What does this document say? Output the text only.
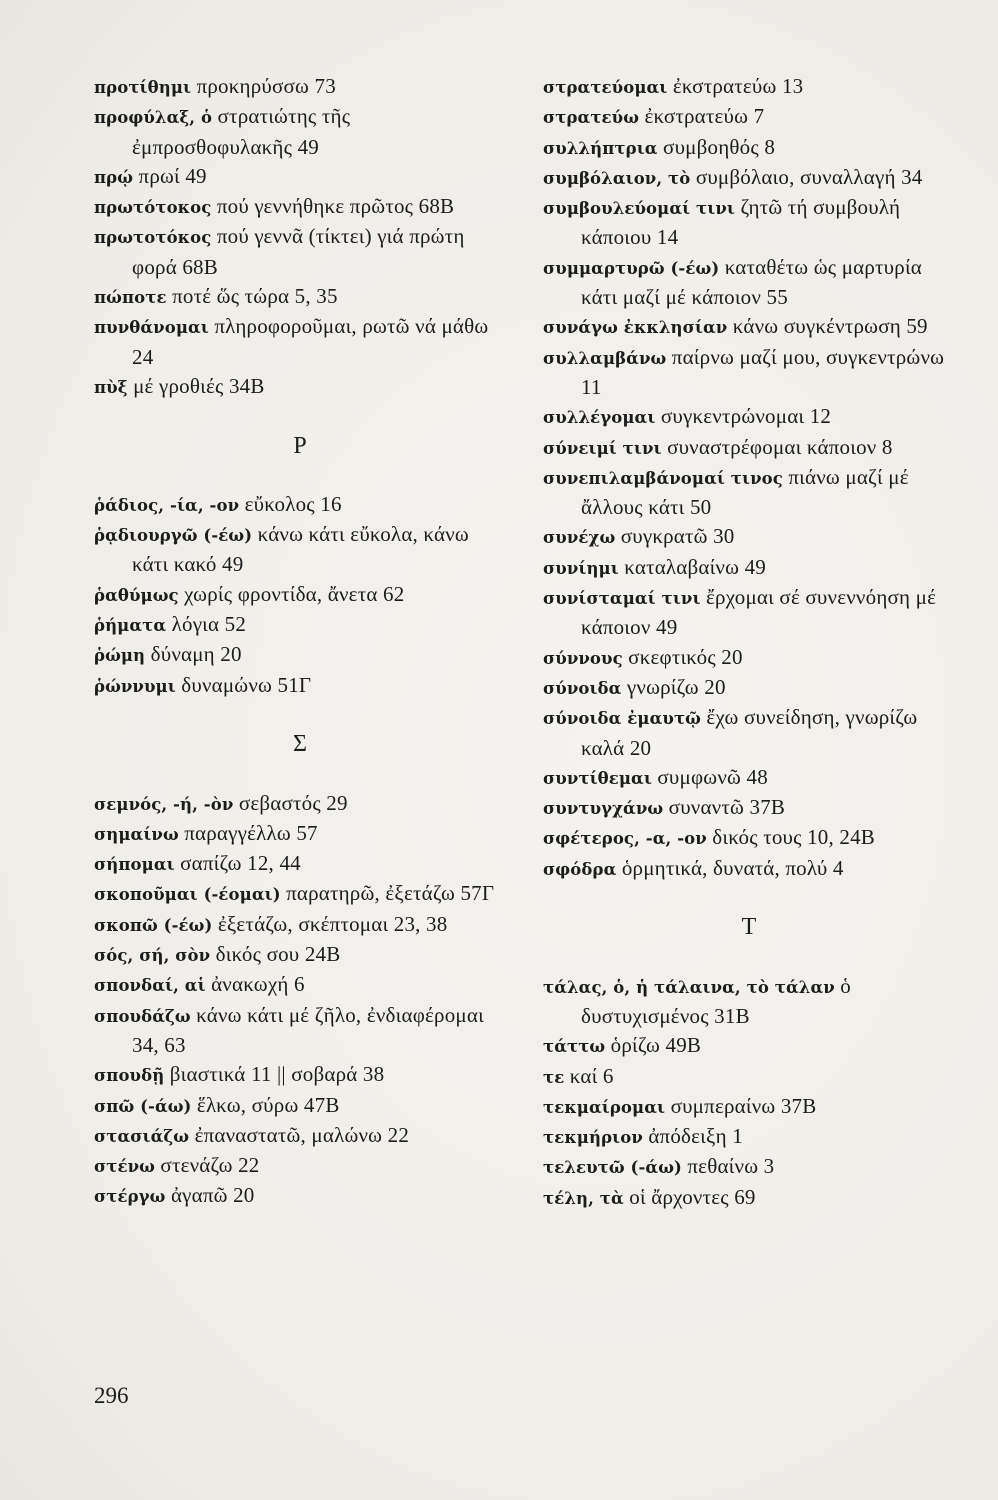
προτίθημι προκηρύσσω 73

προφύλαξ, ὁ στρατιώτης τῆς ἐμπροσθοφυλακῆς 49

πρῴ πρωί 49

πρωτότοκος πού γεννήθηκε πρῶτος 68Β

πρωτοτόκος πού γεννᾶ (τίκτει) γιά πρώτη φορά 68Β

πώποτε ποτέ ὥς τώρα 5, 35

πυνθάνομαι πληροφοροῦμαι, ρωτῶ νά μάθω 24

πὺξ μέ γροθιές 34Β

Ρ

ῥάδιος, -ία, -ον εὔκολος 16

ῥᾳδιουργῶ (-έω) κάνω κάτι εὔκολα, κάνω κάτι κακό 49

ῥαθύμως χωρίς φροντίδα, ἄνετα 62

ῥήματα λόγια 52

ῥώμη δύναμη 20

ῥώννυμι δυναμώνω 51Γ

Σ

σεμνός, -ή, -ὸν σεβαστός 29

σημαίνω παραγγέλλω 57

σήπομαι σαπίζω 12, 44

σκοποῦμαι (-έομαι) παρατηρῶ, ἐξετάζω 57Γ

σκοπῶ (-έω) ἐξετάζω, σκέπτομαι 23, 38

σός, σή, σὸν δικός σου 24Β

σπονδαί, αἱ ἀνακωχή 6

σπουδάζω κάνω κάτι μέ ζῆλο, ἐνδιαφέρομαι 34, 63

σπουδῇ βιαστικά 11 || σοβαρά 38

σπῶ (-άω) ἕλκω, σύρω 47Β

στασιάζω ἐπαναστατῶ, μαλώνω 22

στένω στενάζω 22

στέργω ἀγαπῶ 20

στρατεύομαι ἐκστρατεύω 13

στρατεύω ἐκστρατεύω 7

συλλήπτρια συμβοηθός 8

συμβόλαιον, τὸ συμβόλαιο, συναλλαγή 34

συμβουλεύομαί τινι ζητῶ τή συμβουλή κάποιου 14

συμμαρτυρῶ (-έω) καταθέτω ὡς μαρτυρία κάτι μαζί μέ κάποιον 55

συνάγω ἐκκλησίαν κάνω συγκέντρωση 59

συλλαμβάνω παίρνω μαζί μου, συγκεντρώνω 11

συλλέγομαι συγκεντρώνομαι 12

σύνειμί τινι συναστρέφομαι κάποιον 8

συνεπιλαμβάνομαί τινος πιάνω μαζί μέ ἄλλους κάτι 50

συνέχω συγκρατῶ 30

συνίημι καταλαβαίνω 49

συνίσταμαί τινι ἔρχομαι σέ συνεννόηση μέ κάποιον 49

σύννους σκεφτικός 20

σύνοιδα γνωρίζω 20

σύνοιδα ἐμαυτῷ ἔχω συνείδηση, γνωρίζω καλά 20

συντίθεμαι συμφωνῶ 48

συντυγχάνω συναντῶ 37Β

σφέτερος, -α, -ον δικός τους 10, 24Β

σφόδρα ὁρμητικά, δυνατά, πολύ 4

Τ

τάλας, ὁ, ἡ τάλαινα, τὸ τάλαν ὁ δυστυχισμένος 31Β

τάττω ὁρίζω 49Β

τε καί 6

τεκμαίρομαι συμπεραίνω 37Β

τεκμήριον ἀπόδειξη 1

τελευτῶ (-άω) πεθαίνω 3

τέλη, τὰ οἱ ἄρχοντες 69

296
